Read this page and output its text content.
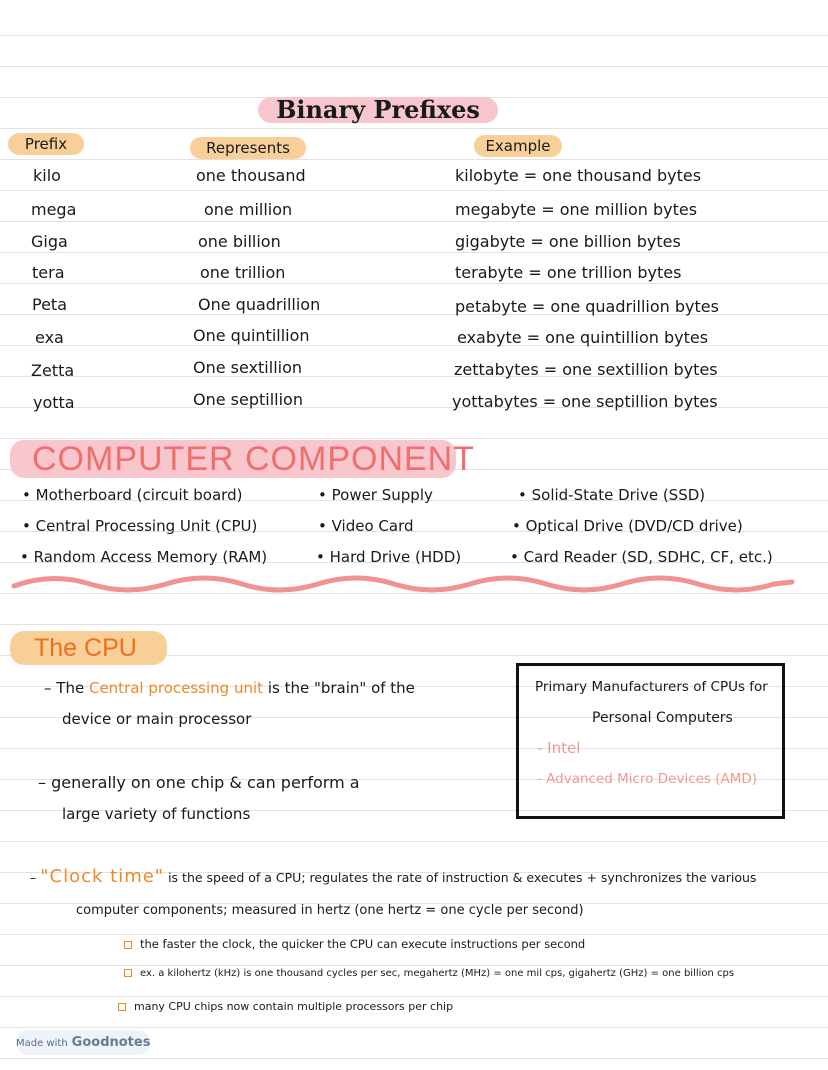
Binary Prefixes
Prefix	Represents	Example
kilo	one thousand	kilobyte = one thousand bytes
mega	one million	megabyte = one million bytes
Giga	one billion	gigabyte = one billion bytes
tera	one trillion	terabyte = one trillion bytes
Peta	One quadrillion	petabyte = one quadrillion bytes
exa	One quintillion	exabyte = one quintillion bytes
Zetta	One sextillion	zettabytes = one sextillion bytes
yotta	One septillion	yottabytes = one septillion bytes
COMPUTER COMPONENT
• Motherboard (circuit board)
• Central Processing Unit (CPU)
• Random Access Memory (RAM)
• Power Supply
• Video Card
• Hard Drive (HDD)
• Solid-State Drive (SSD)
• Optical Drive (DVD/CD drive)
• Card Reader (SD, SDHC, CF, etc.)
The CPU
– The Central processing unit is the "brain" of the
device or main processor
– generally on one chip & can perform a
large variety of functions
Primary Manufacturers of CPUs for
Personal Computers
- Intel
- Advanced Micro Devices (AMD)
– "Clock time" is the speed of a CPU; regulates the rate of instruction & executes + synchronizes the various
computer components; measured in hertz (one hertz = one cycle per second)
the faster the clock, the quicker the CPU can execute instructions per second
ex. a kilohertz (kHz) is one thousand cycles per sec, megahertz (MHz) = one mil cps, gigahertz (GHz) = one billion cps
many CPU chips now contain multiple processors per chip
Made with Goodnotes
